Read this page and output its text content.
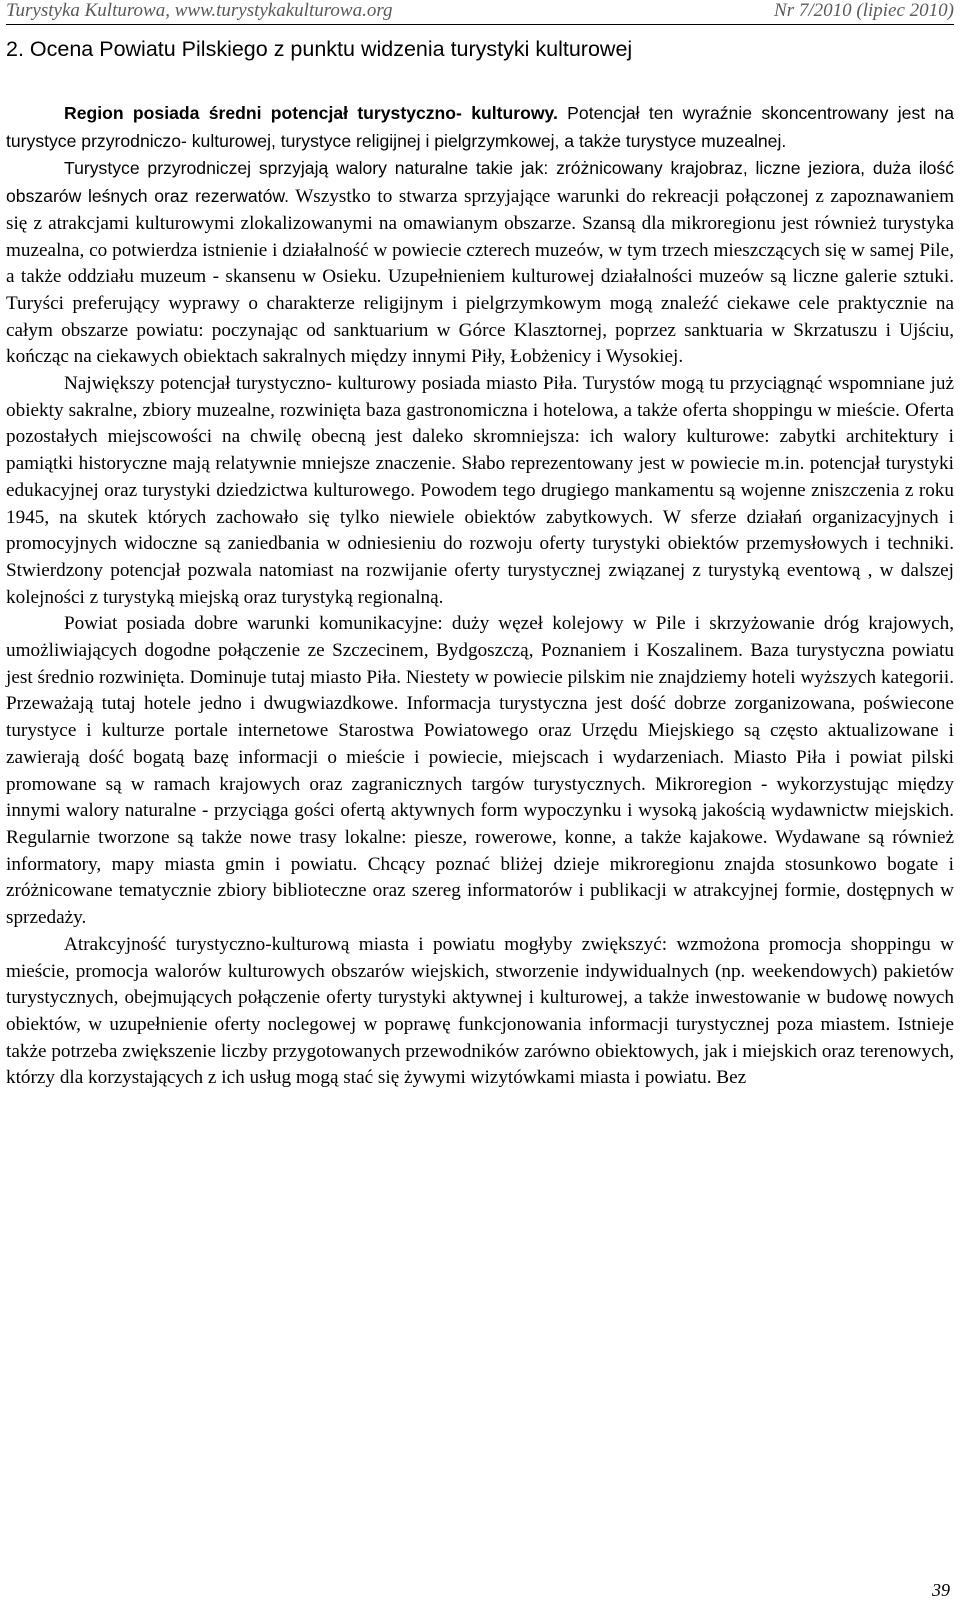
Turystyka Kulturowa, www.turystykakulturowa.org	Nr 7/2010 (lipiec 2010)
2. Ocena Powiatu Pilskiego z punktu widzenia turystyki kulturowej

Region posiada średni potencjał turystyczno- kulturowy. Potencjał ten wyraźnie skoncentrowany jest na turystyce przyrodniczo- kulturowej, turystyce religijnej i pielgrzymkowej, a także turystyce muzealnej.
Turystyce przyrodniczej sprzyjają walory naturalne takie jak: zróżnicowany krajobraz, liczne jeziora, duża ilość obszarów leśnych oraz rezerwatów. Wszystko to stwarza sprzyjające warunki do rekreacji połączonej z zapoznawaniem się z atrakcjami kulturowymi zlokalizowanymi na omawianym obszarze. Szansą dla mikroregionu jest również turystyka muzealna, co potwierdza istnienie i działalność w powiecie czterech muzeów, w tym trzech mieszczących się w samej Pile, a także oddziału muzeum - skansenu w Osieku. Uzupełnieniem kulturowej działalności muzeów są liczne galerie sztuki. Turyści preferujący wyprawy o charakterze religijnym i pielgrzymkowym mogą znaleźć ciekawe cele praktycznie na całym obszarze powiatu: poczynając od sanktuarium w Górce Klasztornej, poprzez sanktuaria w Skrzatuszu i Ujściu, kończąc na ciekawych obiektach sakralnych między innymi Piły, Łobżenicy i Wysokiej.

Największy potencjał turystyczno- kulturowy posiada miasto Piła. Turystów mogą tu przyciągnąć wspomniane już obiekty sakralne, zbiory muzealne, rozwinięta baza gastronomiczna i hotelowa, a także oferta shoppingu w mieście. Oferta pozostałych miejscowości na chwilę obecną jest daleko skromniejsza: ich walory kulturowe: zabytki architektury i pamiątki historyczne mają relatywnie mniejsze znaczenie. Słabo reprezentowany jest w powiecie m.in. potencjał turystyki edukacyjnej oraz turystyki dziedzictwa kulturowego. Powodem tego drugiego mankamentu są wojenne zniszczenia z roku 1945, na skutek których zachowało się tylko niewiele obiektów zabytkowych. W sferze działań organizacyjnych i promocyjnych widoczne są zaniedbania w odniesieniu do rozwoju oferty turystyki obiektów przemysłowych i techniki. Stwierdzony potencjał pozwala natomiast na rozwijanie oferty turystycznej związanej z turystyką eventową , w dalszej kolejności z turystyką miejską oraz turystyką regionalną.

Powiat posiada dobre warunki komunikacyjne: duży węzeł kolejowy w Pile i skrzyżowanie dróg krajowych, umożliwiających dogodne połączenie ze Szczecinem, Bydgoszczą, Poznaniem i Koszalinem. Baza turystyczna powiatu jest średnio rozwinięta. Dominuje tutaj miasto Piła. Niestety w powiecie pilskim nie znajdziemy hoteli wyższych kategorii. Przeważają tutaj hotele jedno i dwugwiazdkowe. Informacja turystyczna jest dość dobrze zorganizowana, poświecone turystyce i kulturze portale internetowe Starostwa Powiatowego oraz Urzędu Miejskiego są często aktualizowane i zawierają dość bogatą bazę informacji o mieście i powiecie, miejscach i wydarzeniach. Miasto Piła i powiat pilski promowane są w ramach krajowych oraz zagranicznych targów turystycznych. Mikroregion - wykorzystując między innymi walory naturalne - przyciąga gości ofertą aktywnych form wypoczynku i wysoką jakością wydawnictw miejskich. Regularnie tworzone są także nowe trasy lokalne: piesze, rowerowe, konne, a także kajakowe. Wydawane są również informatory, mapy miasta gmin i powiatu. Chcący poznać bliżej dzieje mikroregionu znajda stosunkowo bogate i zróżnicowane tematycznie zbiory biblioteczne oraz szereg informatorów i publikacji w atrakcyjnej formie, dostępnych w sprzedaży.

Atrakcyjność turystyczno-kulturową miasta i powiatu mogłyby zwiększyć: wzmożona promocja shoppingu w mieście, promocja walorów kulturowych obszarów wiejskich, stworzenie indywidualnych (np. weekendowych) pakietów turystycznych, obejmujących połączenie oferty turystyki aktywnej i kulturowej, a także inwestowanie w budowę nowych obiektów, w uzupełnienie oferty noclegowej w poprawę funkcjonowania informacji turystycznej poza miastem. Istnieje także potrzeba zwiększenie liczby przygotowanych przewodników zarówno obiektowych, jak i miejskich oraz terenowych, którzy dla korzystających z ich usług mogą stać się żywymi wizytówkami miasta i powiatu. Bez

39
